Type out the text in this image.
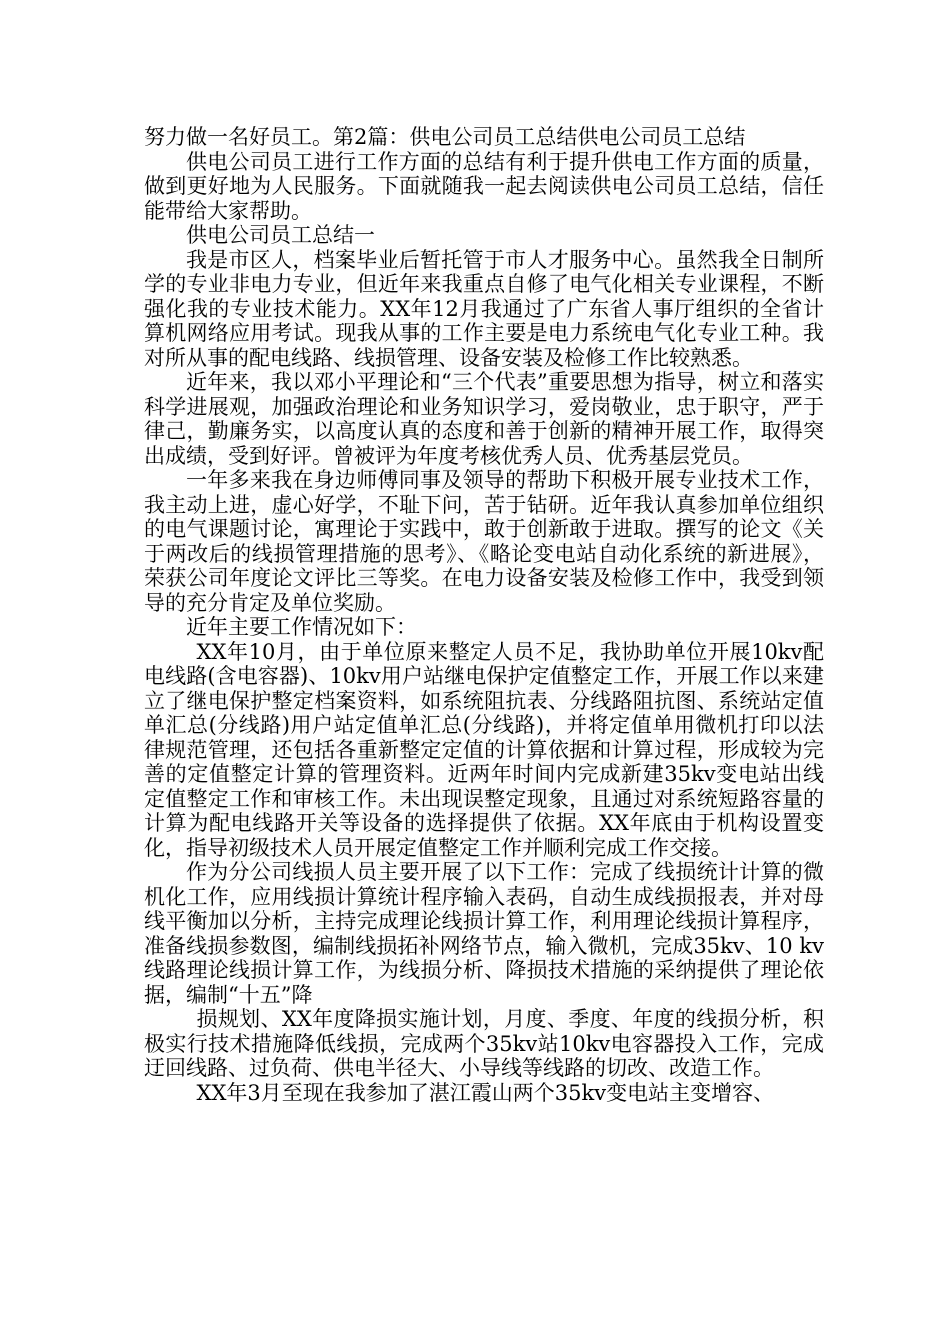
努力做一名好员工。第2篇：供电公司员工总结供电公司员工总结

供电公司员工进行工作方面的总结有利于提升供电工作方面的质量，做到更好地为人民服务。下面就随我一起去阅读供电公司员工总结，信任能带给大家帮助。

供电公司员工总结一

我是市区人，档案毕业后暂托管于市人才服务中心。虽然我全日制所学的专业非电力专业，但近年来我重点自修了电气化相关专业课程，不断强化我的专业技术能力。XX年12月我通过了广东省人事厅组织的全省计算机网络应用考试。现我从事的工作主要是电力系统电气化专业工种。我对所从事的配电线路、线损管理、设备安装及检修工作比较熟悉。

近年来，我以邓小平理论和“三个代表”重要思想为指导，树立和落实科学进展观，加强政治理论和业务知识学习，爱岗敬业，忠于职守，严于律己，勤廉务实，以高度认真的态度和善于创新的精神开展工作，取得突出成绩，受到好评。曾被评为年度考核优秀人员、优秀基层党员。

一年多来我在身边师傅同事及领导的帮助下积极开展专业技术工作，我主动上进，虚心好学，不耻下问，苦于钻研。近年我认真参加单位组织的电气课题讨论，寓理论于实践中，敢于创新敢于进取。撰写的论文《关于两改后的线损管理措施的思考》、《略论变电站自动化系统的新进展》，荣获公司年度论文评比三等奖。在电力设备安装及检修工作中，我受到领导的充分肯定及单位奖励。

近年主要工作情况如下：

XX年10月，由于单位原来整定人员不足，我协助单位开展10kv配电线路(含电容器)、10kv用户站继电保护定值整定工作，开展工作以来建立了继电保护整定档案资料，如系统阻抗表、分线路阻抗图、系统站定值单汇总(分线路)用户站定值单汇总(分线路)，并将定值单用微机打印以法律规范管理，还包括各重新整定定值的计算依据和计算过程，形成较为完善的定值整定计算的管理资料。近两年时间内完成新建35kv变电站出线定值整定工作和审核工作。未出现误整定现象，且通过对系统短路容量的计算为配电线路开关等设备的选择提供了依据。XX年底由于机构设置变化，指导初级技术人员开展定值整定工作并顺利完成工作交接。

作为分公司线损人员主要开展了以下工作：完成了线损统计计算的微机化工作，应用线损计算统计程序输入表码，自动生成线损报表，并对母线平衡加以分析，主持完成理论线损计算工作，利用理论线损计算程序，准备线损参数图，编制线损拓补网络节点，输入微机，完成35kv、10 kv线路理论线损计算工作，为线损分析、降损技术措施的采纳提供了理论依据，编制“十五”降

损规划、XX年度降损实施计划，月度、季度、年度的线损分析，积极实行技术措施降低线损，完成两个35kv站10kv电容器投入工作，完成迂回线路、过负荷、供电半径大、小导线等线路的切改、改造工作。

XX年3月至现在我参加了湛江霞山两个35kv变电站主变增容、
